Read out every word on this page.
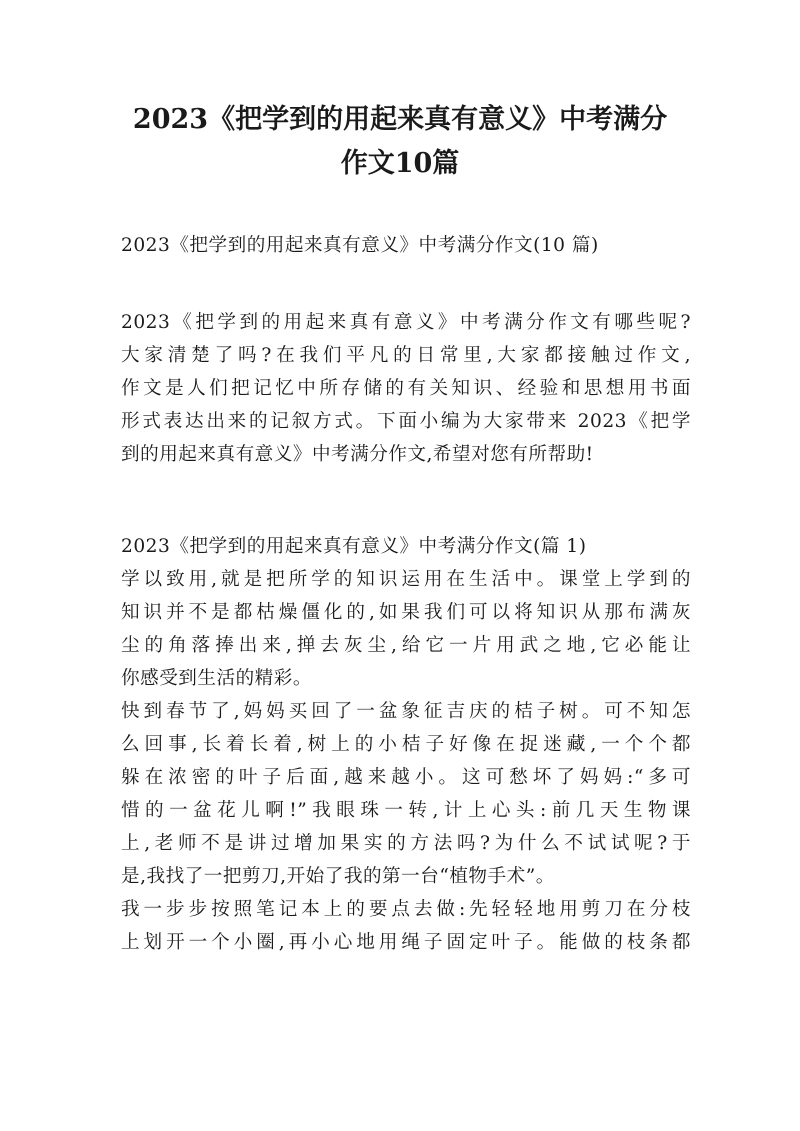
2023《把学到的用起来真有意义》中考满分
作文10篇
2023《把学到的用起来真有意义》中考满分作文(10 篇)
2023《把学到的用起来真有意义》中考满分作文有哪些呢?
大家清楚了吗?在我们平凡的日常里,大家都接触过作文,
作文是人们把记忆中所存储的有关知识、经验和思想用书面
形式表达出来的记叙方式。下面小编为大家带来 2023《把学
到的用起来真有意义》中考满分作文,希望对您有所帮助!
2023《把学到的用起来真有意义》中考满分作文(篇 1)
学以致用,就是把所学的知识运用在生活中。课堂上学到的
知识并不是都枯燥僵化的,如果我们可以将知识从那布满灰
尘的角落捧出来,掸去灰尘,给它一片用武之地,它必能让
你感受到生活的精彩。
快到春节了,妈妈买回了一盆象征吉庆的桔子树。可不知怎
么回事,长着长着,树上的小桔子好像在捉迷藏,一个个都
躲在浓密的叶子后面,越来越小。这可愁坏了妈妈:“多可
惜的一盆花儿啊!”我眼珠一转,计上心头:前几天生物课
上,老师不是讲过增加果实的方法吗?为什么不试试呢?于
是,我找了一把剪刀,开始了我的第一台“植物手术”。
我一步步按照笔记本上的要点去做:先轻轻地用剪刀在分枝
上划开一个小圈,再小心地用绳子固定叶子。能做的枝条都
